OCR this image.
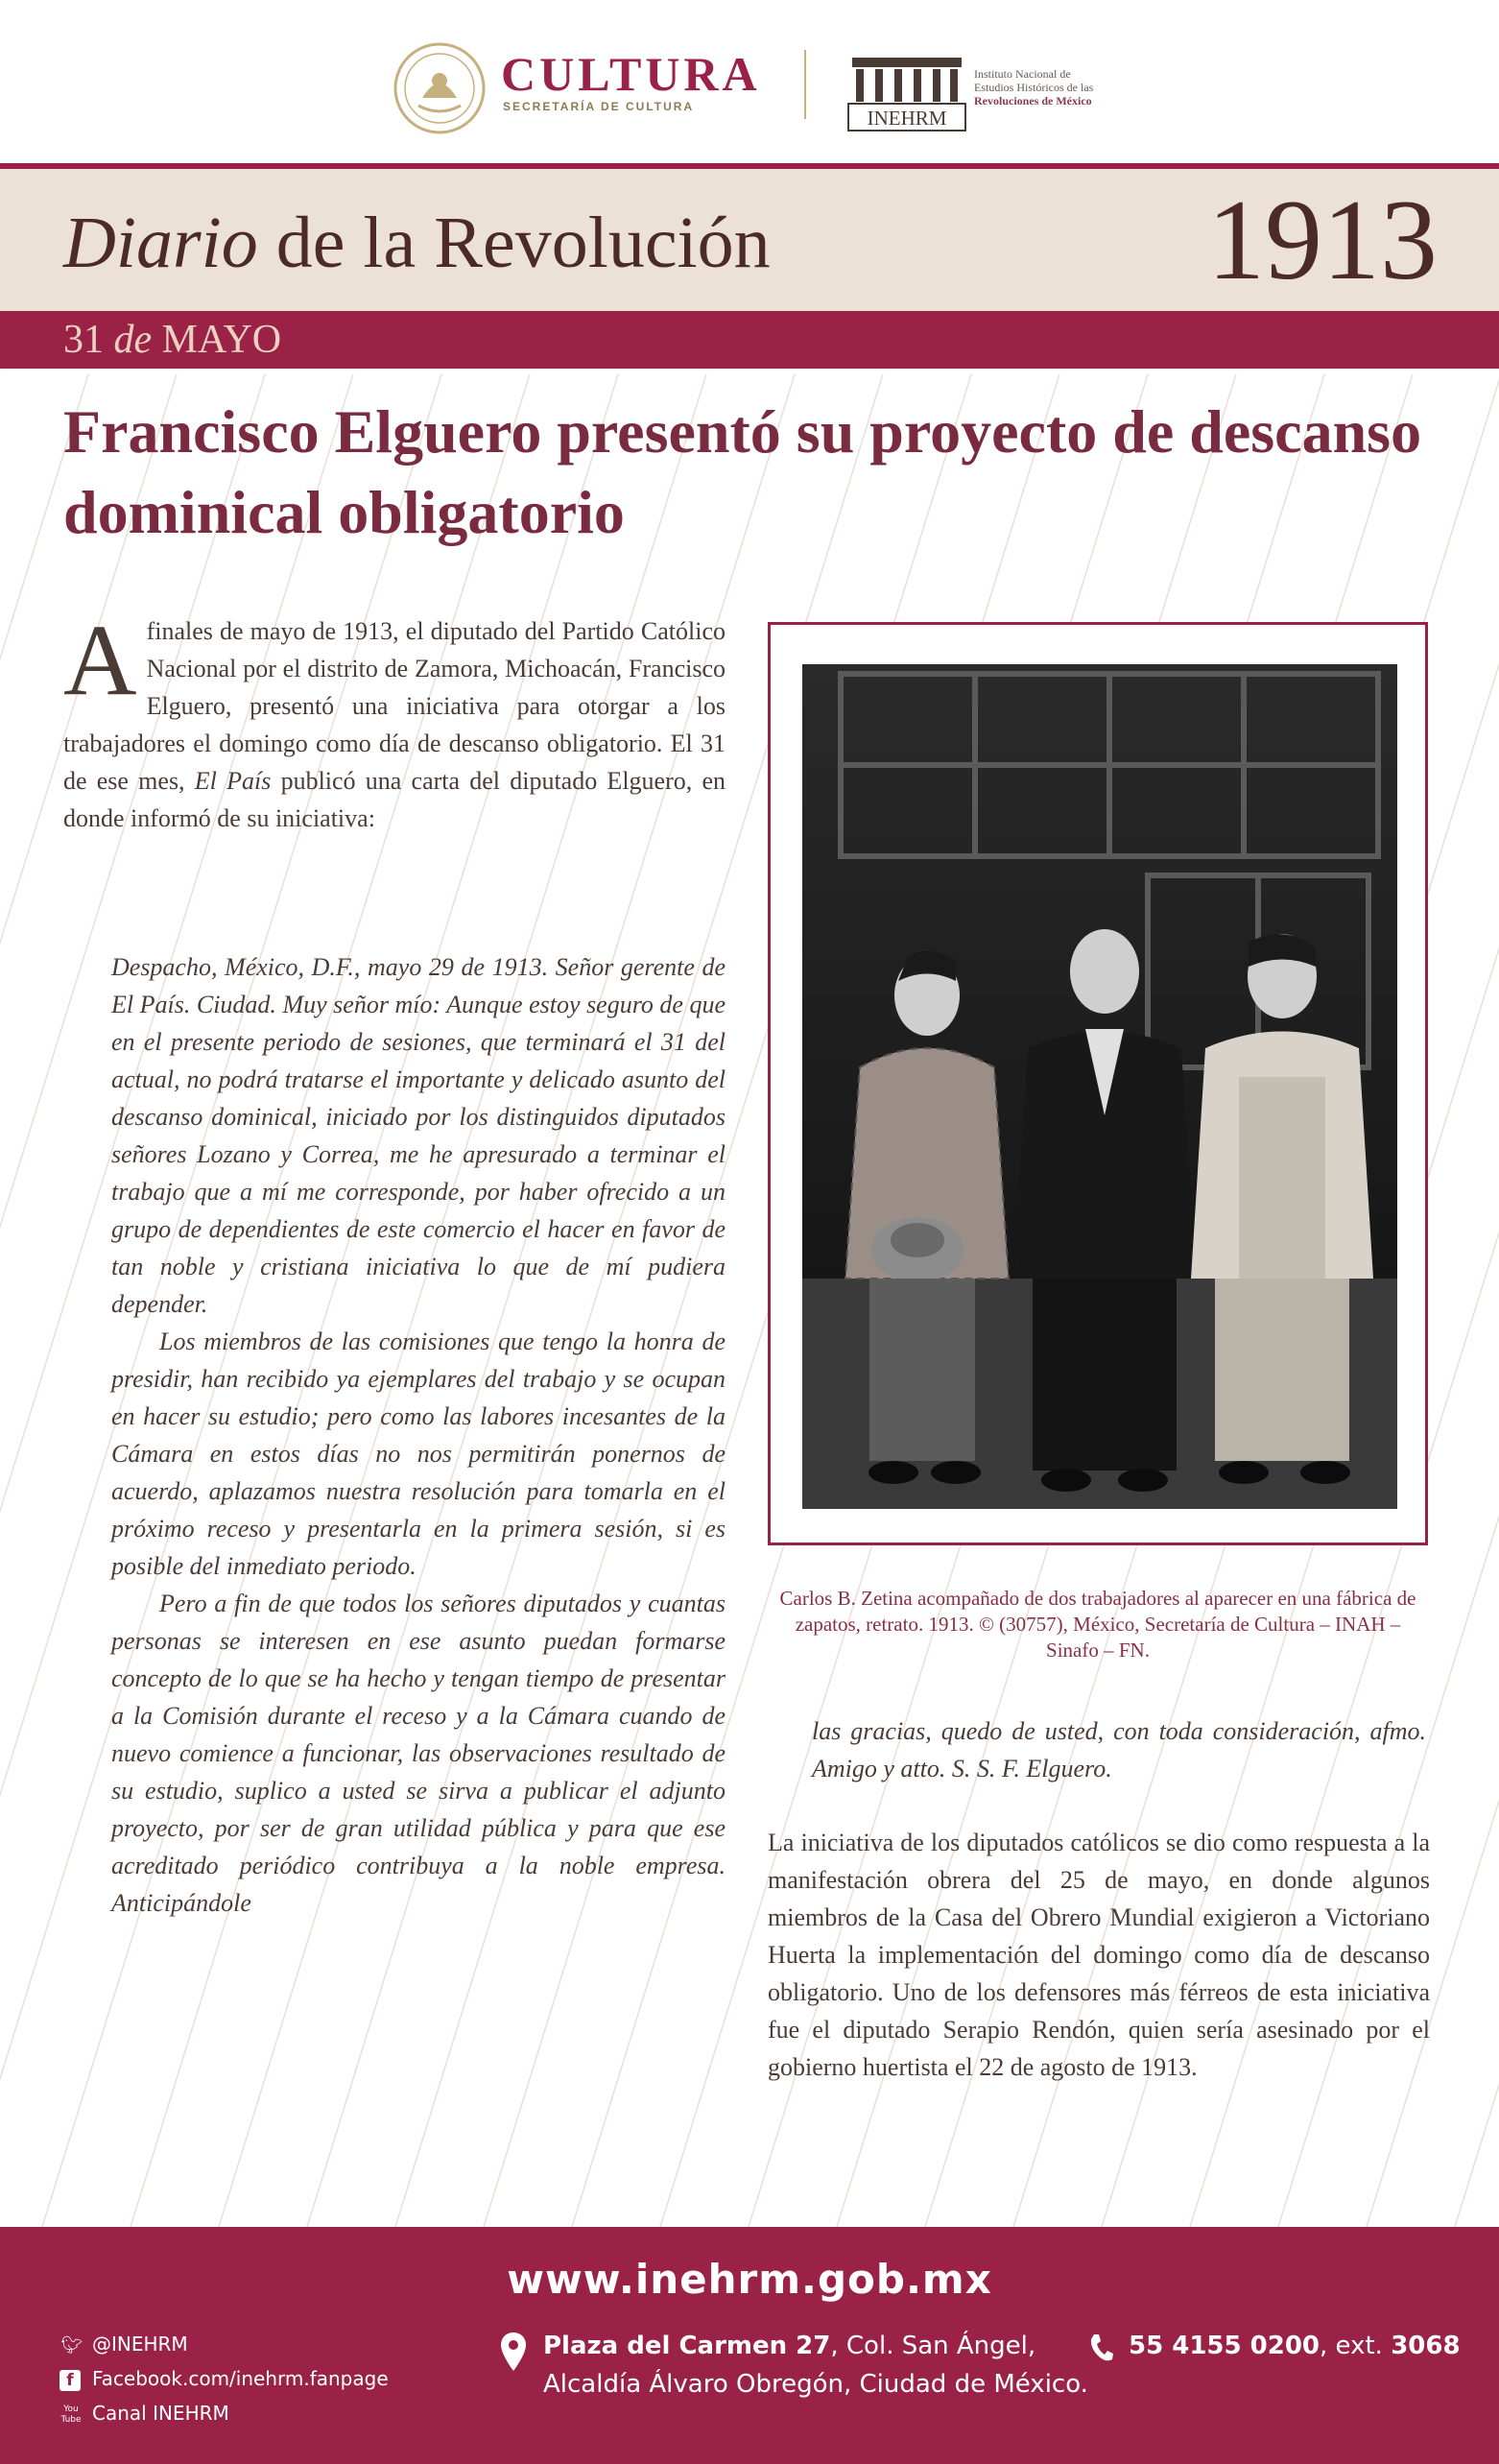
CULTURA
SECRETARÍA DE CULTURA	INEHRM
Instituto Nacional de
Estudios Históricos de las
Revoluciones de México
Diario de la Revolución	1913
31 de MAYO
Francisco Elguero presentó su proyecto de descanso dominical obligatorio

Afinales de mayo de 1913, el diputado del Partido Católico Nacional por el distrito de Zamora, Michoacán, Francisco Elguero, presentó una iniciativa para otorgar a los trabajadores el domingo como día de descanso obligatorio. El 31 de ese mes, El País publicó una carta del diputado Elguero, en donde informó de su iniciativa:

Despacho, México, D.F., mayo 29 de 1913. Señor gerente de El País. Ciudad. Muy señor mío: Aunque estoy seguro de que en el presente periodo de sesiones, que terminará el 31 del actual, no podrá tratarse el importante y delicado asunto del descanso dominical, iniciado por los distinguidos diputados señores Lozano y Correa, me he apresurado a terminar el trabajo que a mí me corresponde, por haber ofrecido a un grupo de dependientes de este comercio el hacer en favor de tan noble y cristiana iniciativa lo que de mí pudiera depender.

Los miembros de las comisiones que tengo la honra de presidir, han recibido ya ejemplares del trabajo y se ocupan en hacer su estudio; pero como las labores incesantes de la Cámara en estos días no nos permitirán ponernos de acuerdo, aplazamos nuestra resolución para tomarla en el próximo receso y presentarla en la primera sesión, si es posible del inmediato periodo.

Pero a fin de que todos los señores diputados y cuantas personas se interesen en ese asunto puedan formarse concepto de lo que se ha hecho y tengan tiempo de presentar a la Comisión durante el receso y a la Cámara cuando de nuevo comience a funcionar, las observaciones resultado de su estudio, suplico a usted se sirva a publicar el adjunto proyecto, por ser de gran utilidad pública y para que ese acreditado periódico contribuya a la noble empresa. Anticipándole

Carlos B. Zetina acompañado de dos trabajadores al aparecer en una fábrica de zapatos, retrato. 1913. © (30757), México, Secretaría de Cultura – INAH – Sinafo – FN.

las gracias, quedo de usted, con toda consideración, afmo. Amigo y atto. S. S. F. Elguero.

La iniciativa de los diputados católicos se dio como respuesta a la manifestación obrera del 25 de mayo, en donde algunos miembros de la Casa del Obrero Mundial exigieron a Victoriano Huerta la implementación del domingo como día de descanso obligatorio. Uno de los defensores más férreos de esta iniciativa fue el diputado Serapio Rendón, quien sería asesinado por el gobierno huertista el 22 de agosto de 1913.

www.inehrm.gob.mx
🐦︎ @INEHRM
f Facebook.com/inehrm.fanpage
You
Tube Canal INEHRM
Plaza del Carmen 27, Col. San Ángel,
Alcaldía Álvaro Obregón, Ciudad de México.
55 4155 0200, ext. 3068
